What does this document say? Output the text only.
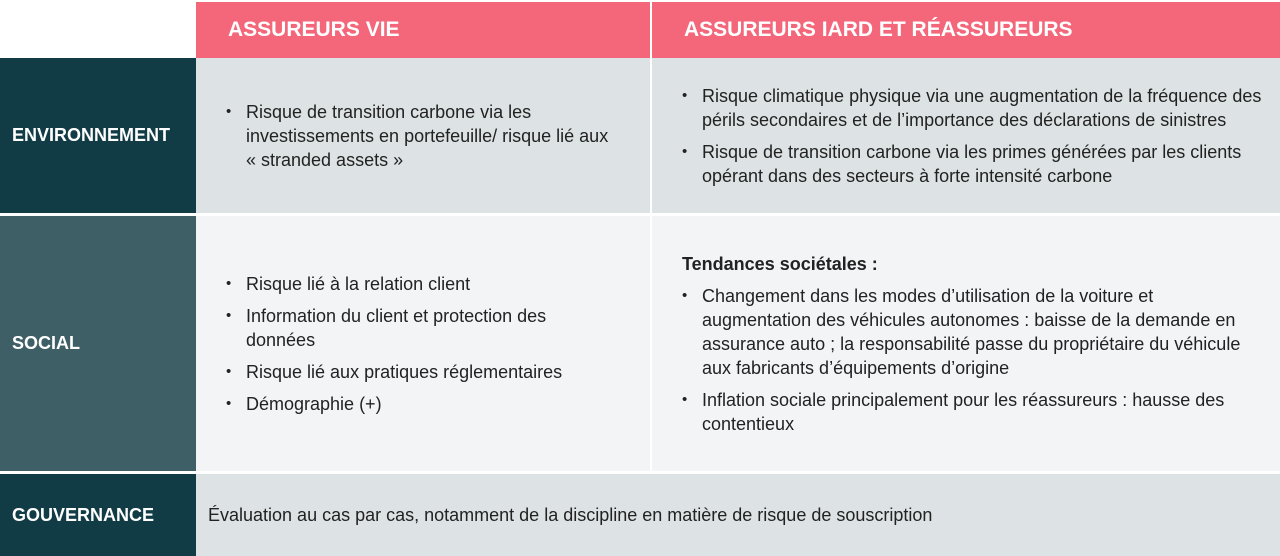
ASSUREURS VIE	ASSUREURS IARD ET RÉASSUREURS
ENVIRONNEMENT
• Risque de transition carbone via les investissements en portefeuille/ risque lié aux « stranded assets »
• Risque climatique physique via une augmentation de la fréquence des périls secondaires et de l’importance des déclarations de sinistres
• Risque de transition carbone via les primes générées par les clients opérant dans des secteurs à forte intensité carbone
SOCIAL
• Risque lié à la relation client
• Information du client et protection des données
• Risque lié aux pratiques réglementaires
• Démographie (+)
Tendances sociétales :
• Changement dans les modes d’utilisation de la voiture et augmentation des véhicules autonomes : baisse de la demande en assurance auto ; la responsabilité passe du propriétaire du véhicule aux fabricants d’équipements d’origine
• Inflation sociale principalement pour les réassureurs : hausse des contentieux
GOUVERNANCE	Évaluation au cas par cas, notamment de la discipline en matière de risque de souscription
